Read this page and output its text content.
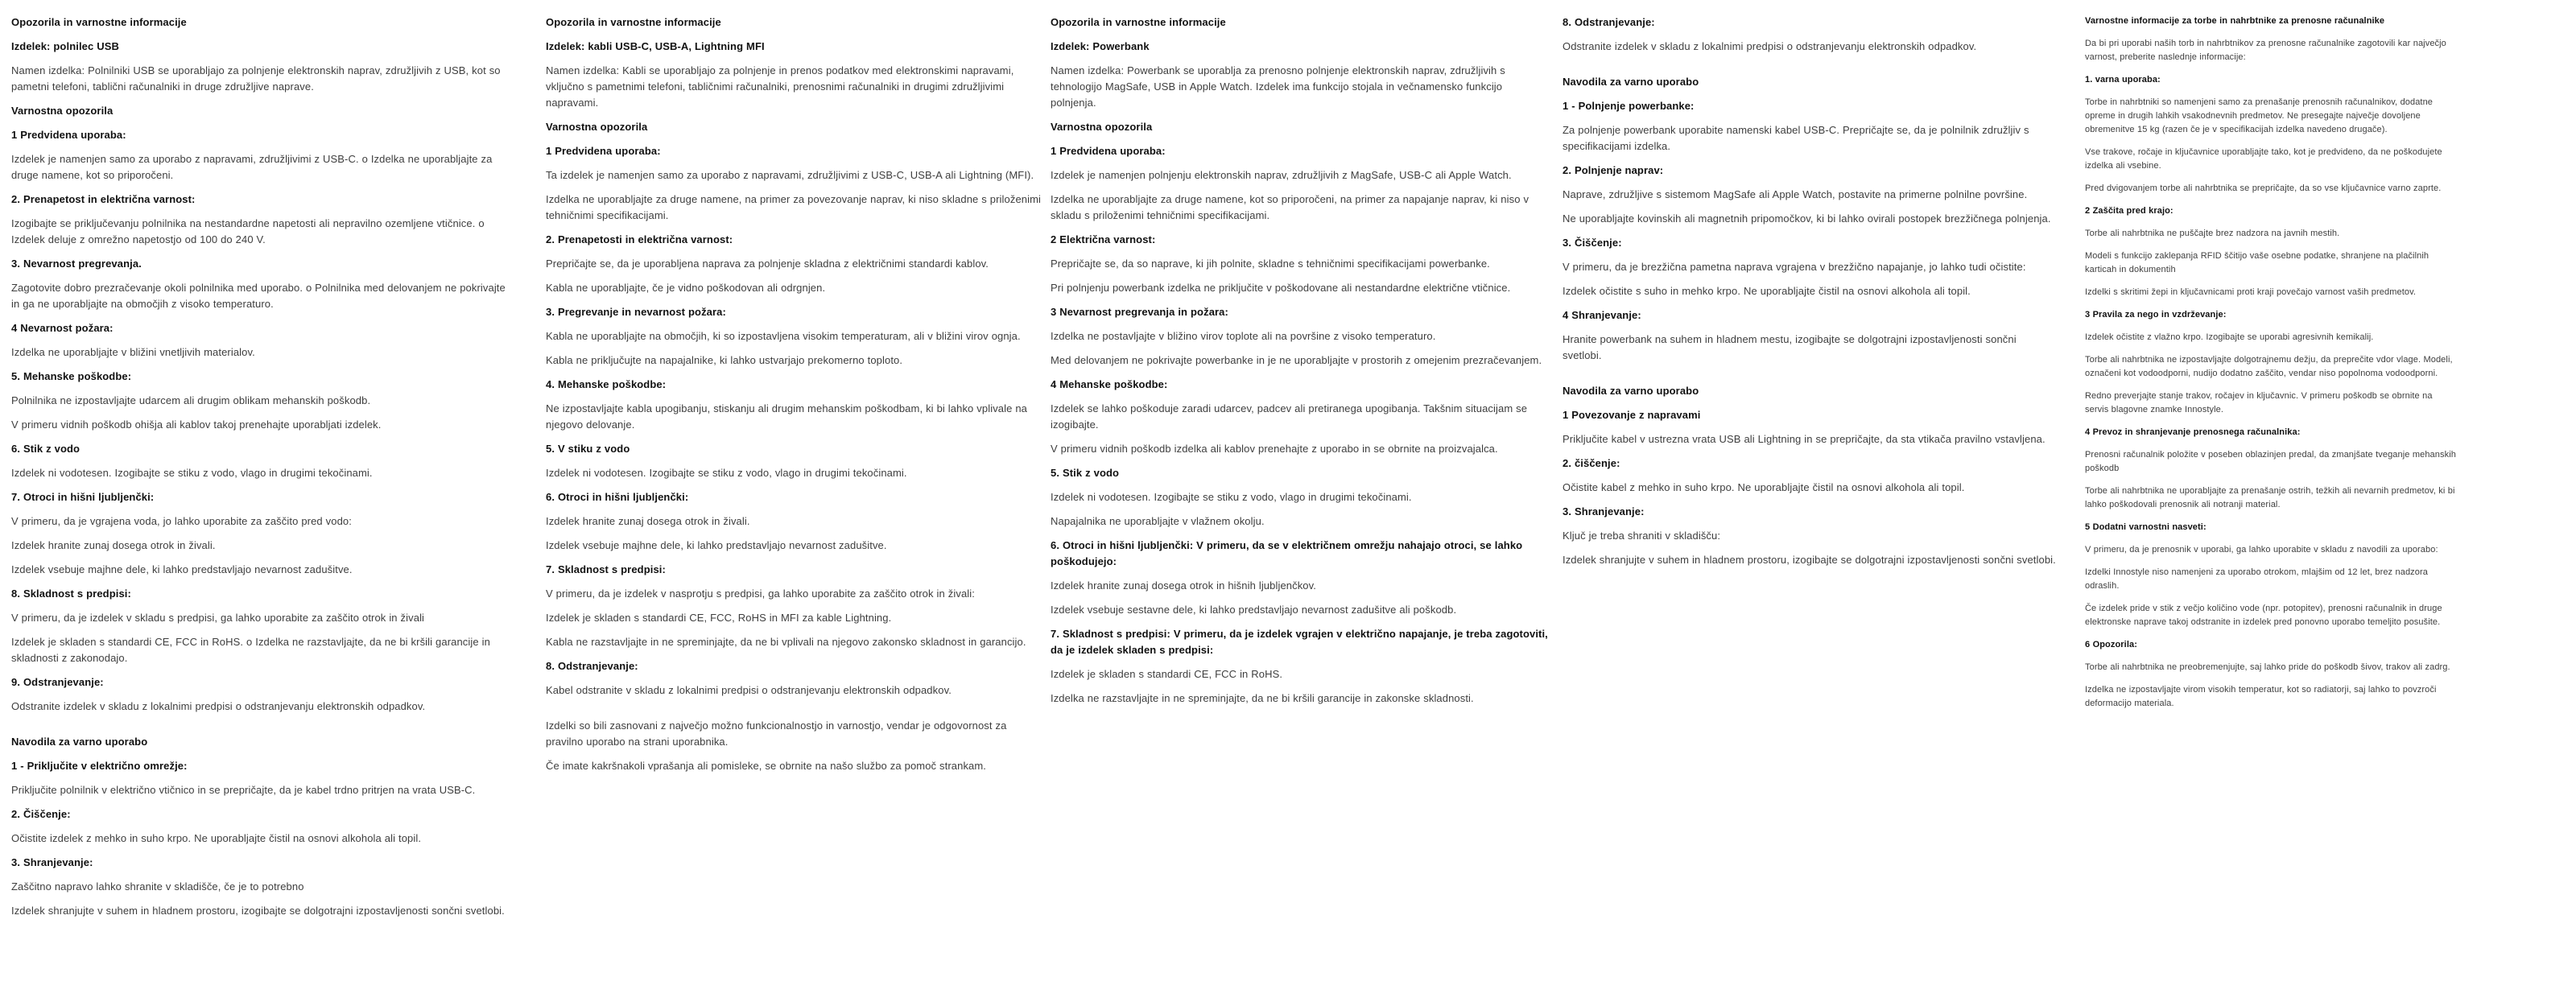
Opozorila in varnostne informacije
Izdelek: polnilec USB
Namen izdelka: Polnilniki USB se uporabljajo za polnjenje elektronskih naprav, združljivih z USB, kot so pametni telefoni, tablični računalniki in druge združljive naprave.
Varnostna opozorila
1 Predvidena uporaba:
Izdelek je namenjen samo za uporabo z napravami, združljivimi z USB-C. o Izdelka ne uporabljajte za druge namene, kot so priporočeni.
2. Prenapetost in električna varnost:
Izogibajte se priključevanju polnilnika na nestandardne napetosti ali nepravilno ozemljene vtičnice. o Izdelek deluje z omrežno napetostjo od 100 do 240 V.
3. Nevarnost pregrevanja.
Zagotovite dobro prezračevanje okoli polnilnika med uporabo. o Polnilnika med delovanjem ne pokrivajte in ga ne uporabljajte na območjih z visoko temperaturo.
4 Nevarnost požara:
Izdelka ne uporabljajte v bližini vnetljivih materialov.
5. Mehanske poškodbe:
Polnilnika ne izpostavljajte udarcem ali drugim oblikam mehanskih poškodb.
V primeru vidnih poškodb ohišja ali kablov takoj prenehajte uporabljati izdelek.
6. Stik z vodo
Izdelek ni vodotesen. Izogibajte se stiku z vodo, vlago in drugimi tekočinami.
7. Otroci in hišni ljubljenčki:
V primeru, da je vgrajena voda, jo lahko uporabite za zaščito pred vodo:
Izdelek hranite zunaj dosega otrok in živali.
Izdelek vsebuje majhne dele, ki lahko predstavljajo nevarnost zadušitve.
8. Skladnost s predpisi:
V primeru, da je izdelek v skladu s predpisi, ga lahko uporabite za zaščito otrok in živali
Izdelek je skladen s standardi CE, FCC in RoHS. o Izdelka ne razstavljajte, da ne bi kršili garancije in skladnosti z zakonodajo.
9. Odstranjevanje:
Odstranite izdelek v skladu z lokalnimi predpisi o odstranjevanju elektronskih odpadkov.
Navodila za varno uporabo
1 - Priključite v električno omrežje:
Priključite polnilnik v električno vtičnico in se prepričajte, da je kabel trdno pritrjen na vrata USB-C.
2. Čiščenje:
Očistite izdelek z mehko in suho krpo. Ne uporabljajte čistil na osnovi alkohola ali topil.
3. Shranjevanje:
Zaščitno napravo lahko shranite v skladišče, če je to potrebno
Izdelek shranjujte v suhem in hladnem prostoru, izogibajte se dolgotrajni izpostavljenosti sončni svetlobi.
Opozorila in varnostne informacije
Izdelek: kabli USB-C, USB-A, Lightning MFI
Namen izdelka: Kabli se uporabljajo za polnjenje in prenos podatkov med elektronskimi napravami, vključno s pametnimi telefoni, tabličnimi računalniki, prenosnimi računalniki in drugimi združljivimi napravami.
Varnostna opozorila
1 Predvidena uporaba:
Ta izdelek je namenjen samo za uporabo z napravami, združljivimi z USB-C, USB-A ali Lightning (MFI).
Izdelka ne uporabljajte za druge namene, na primer za povezovanje naprav, ki niso skladne s priloženimi tehničnimi specifikacijami.
2. Prenapetosti in električna varnost:
Prepričajte se, da je uporabljena naprava za polnjenje skladna z električnimi standardi kablov.
Kabla ne uporabljajte, če je vidno poškodovan ali odrgnjen.
3. Pregrevanje in nevarnost požara:
Kabla ne uporabljajte na območjih, ki so izpostavljena visokim temperaturam, ali v bližini virov ognja.
Kabla ne priključujte na napajalnike, ki lahko ustvarjajo prekomerno toploto.
4. Mehanske poškodbe:
Ne izpostavljajte kabla upogibanju, stiskanju ali drugim mehanskim poškodbam, ki bi lahko vplivale na njegovo delovanje.
5. V stiku z vodo
Izdelek ni vodotesen. Izogibajte se stiku z vodo, vlago in drugimi tekočinami.
6. Otroci in hišni ljubljenčki:
Izdelek hranite zunaj dosega otrok in živali.
Izdelek vsebuje majhne dele, ki lahko predstavljajo nevarnost zadušitve.
7. Skladnost s predpisi:
V primeru, da je izdelek v nasprotju s predpisi, ga lahko uporabite za zaščito otrok in živali:
Izdelek je skladen s standardi CE, FCC, RoHS in MFI za kable Lightning.
Kabla ne razstavljajte in ne spreminjajte, da ne bi vplivali na njegovo zakonsko skladnost in garancijo.
8. Odstranjevanje:
Kabel odstranite v skladu z lokalnimi predpisi o odstranjevanju elektronskih odpadkov.
Izdelki so bili zasnovani z največjo možno funkcionalnostjo in varnostjo, vendar je odgovornost za pravilno uporabo na strani uporabnika.
Če imate kakršnakoli vprašanja ali pomisleke, se obrnite na našo službo za pomoč strankam.
Opozorila in varnostne informacije
Izdelek: Powerbank
Namen izdelka: Powerbank se uporablja za prenosno polnjenje elektronskih naprav, združljivih s tehnologijo MagSafe, USB in Apple Watch. Izdelek ima funkcijo stojala in večnamensko funkcijo polnjenja.
Varnostna opozorila
1 Predvidena uporaba:
Izdelek je namenjen polnjenju elektronskih naprav, združljivih z MagSafe, USB-C ali Apple Watch.
Izdelka ne uporabljajte za druge namene, kot so priporočeni, na primer za napajanje naprav, ki niso v skladu s priloženimi tehničnimi specifikacijami.
2 Električna varnost:
Prepričajte se, da so naprave, ki jih polnite, skladne s tehničnimi specifikacijami powerbanke.
Pri polnjenju powerbank izdelka ne priključite v poškodovane ali nestandardne električne vtičnice.
3 Nevarnost pregrevanja in požara:
Izdelka ne postavljajte v bližino virov toplote ali na površine z visoko temperaturo.
Med delovanjem ne pokrivajte powerbanke in je ne uporabljajte v prostorih z omejenim prezračevanjem.
4 Mehanske poškodbe:
Izdelek se lahko poškoduje zaradi udarcev, padcev ali pretiranega upogibanja. Takšnim situacijam se izogibajte.
V primeru vidnih poškodb izdelka ali kablov prenehajte z uporabo in se obrnite na proizvajalca.
5. Stik z vodo
Izdelek ni vodotesen. Izogibajte se stiku z vodo, vlago in drugimi tekočinami.
Napajalnika ne uporabljajte v vlažnem okolju.
6. Otroci in hišni ljubljenčki: V primeru, da se v električnem omrežju nahajajo otroci, se lahko poškodujejo:
Izdelek hranite zunaj dosega otrok in hišnih ljubljenčkov.
Izdelek vsebuje sestavne dele, ki lahko predstavljajo nevarnost zadušitve ali poškodb.
7. Skladnost s predpisi: V primeru, da je izdelek vgrajen v električno napajanje, je treba zagotoviti, da je izdelek skladen s predpisi:
Izdelek je skladen s standardi CE, FCC in RoHS.
Izdelka ne razstavljajte in ne spreminjajte, da ne bi kršili garancije in zakonske skladnosti.
8. Odstranjevanje:
Odstranite izdelek v skladu z lokalnimi predpisi o odstranjevanju elektronskih odpadkov.
Navodila za varno uporabo
1 - Polnjenje powerbanke:
Za polnjenje powerbank uporabite namenski kabel USB-C. Prepričajte se, da je polnilnik združljiv s specifikacijami izdelka.
2. Polnjenje naprav:
Naprave, združljive s sistemom MagSafe ali Apple Watch, postavite na primerne polnilne površine.
Ne uporabljajte kovinskih ali magnetnih pripomočkov, ki bi lahko ovirali postopek brezžičnega polnjenja.
3. Čiščenje:
V primeru, da je brezžična pametna naprava vgrajena v brezžično napajanje, jo lahko tudi očistite:
Izdelek očistite s suho in mehko krpo. Ne uporabljajte čistil na osnovi alkohola ali topil.
4 Shranjevanje:
Hranite powerbank na suhem in hladnem mestu, izogibajte se dolgotrajni izpostavljenosti sončni svetlobi.
Navodila za varno uporabo
1 Povezovanje z napravami
Priključite kabel v ustrezna vrata USB ali Lightning in se prepričajte, da sta vtikača pravilno vstavljena.
2. čiščenje:
Očistite kabel z mehko in suho krpo. Ne uporabljajte čistil na osnovi alkohola ali topil.
3. Shranjevanje:
Ključ je treba shraniti v skladišču:
Izdelek shranjujte v suhem in hladnem prostoru, izogibajte se dolgotrajni izpostavljenosti sončni svetlobi.
Varnostne informacije za torbe in nahrbtnike za prenosne računalnike
Da bi pri uporabi naših torb in nahrbtnikov za prenosne računalnike zagotovili kar največjo varnost, preberite naslednje informacije:
1. varna uporaba:
Torbe in nahrbtniki so namenjeni samo za prenašanje prenosnih računalnikov, dodatne opreme in drugih lahkih vsakodnevnih predmetov. Ne presegajte največje dovoljene obremenitve 15 kg (razen če je v specifikacijah izdelka navedeno drugače).
Vse trakove, ročaje in ključavnice uporabljajte tako, kot je predvideno, da ne poškodujete izdelka ali vsebine.
Pred dvigovanjem torbe ali nahrbtnika se prepričajte, da so vse ključavnice varno zaprte.
2 Zaščita pred krajo:
Torbe ali nahrbtnika ne puščajte brez nadzora na javnih mestih.
Modeli s funkcijo zaklepanja RFID ščitijo vaše osebne podatke, shranjene na plačilnih karticah in dokumentih
Izdelki s skritimi žepi in ključavnicami proti kraji povečajo varnost vaših predmetov.
3 Pravila za nego in vzdrževanje:
Izdelek očistite z vlažno krpo. Izogibajte se uporabi agresivnih kemikalij.
Torbe ali nahrbtnika ne izpostavljajte dolgotrajnemu dežju, da preprečite vdor vlage. Modeli, označeni kot vodoodporni, nudijo dodatno zaščito, vendar niso popolnoma vodoodporni.
Redno preverjajte stanje trakov, ročajev in ključavnic. V primeru poškodb se obrnite na servis blagovne znamke Innostyle.
4 Prevoz in shranjevanje prenosnega računalnika:
Prenosni računalnik položite v poseben oblazinjen predal, da zmanjšate tveganje mehanskih poškodb
Torbe ali nahrbtnika ne uporabljajte za prenašanje ostrih, težkih ali nevarnih predmetov, ki bi lahko poškodovali prenosnik ali notranji material.
5 Dodatni varnostni nasveti:
V primeru, da je prenosnik v uporabi, ga lahko uporabite v skladu z navodili za uporabo:
Izdelki Innostyle niso namenjeni za uporabo otrokom, mlajšim od 12 let, brez nadzora odraslih.
Če izdelek pride v stik z večjo količino vode (npr. potopitev), prenosni računalnik in druge elektronske naprave takoj odstranite in izdelek pred ponovno uporabo temeljito posušite.
6 Opozorila:
Torbe ali nahrbtnika ne preobremenjujte, saj lahko pride do poškodb šivov, trakov ali zadrg.
Izdelka ne izpostavljajte virom visokih temperatur, kot so radiatorji, saj lahko to povzroči deformacijo materiala.
